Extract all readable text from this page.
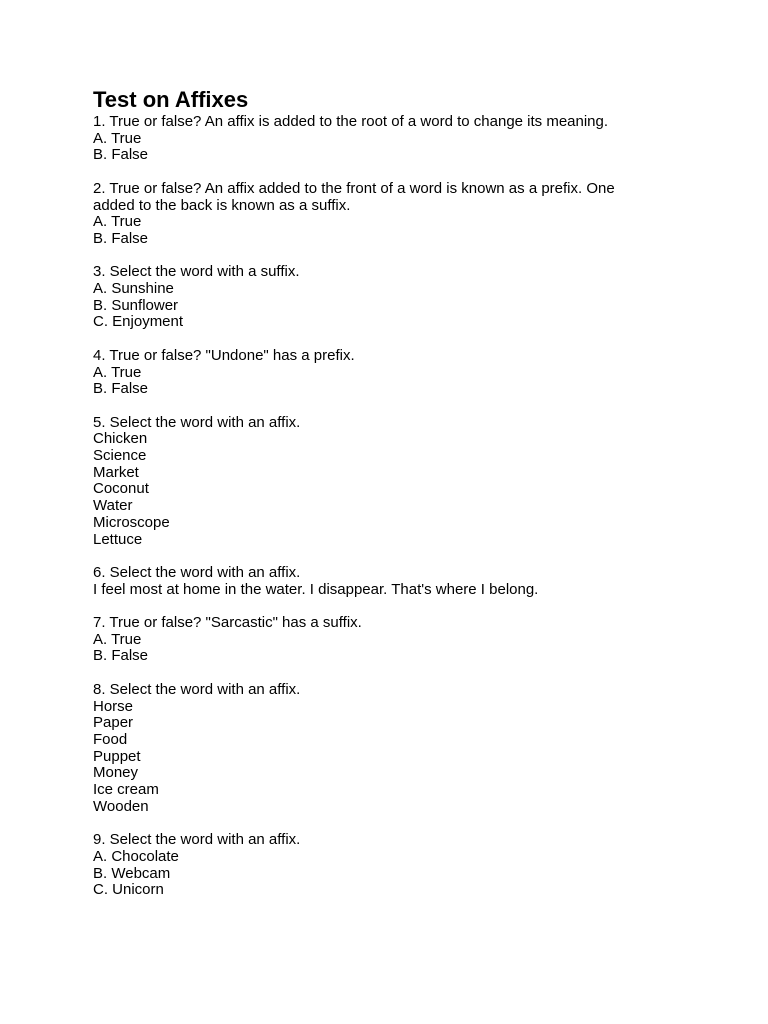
Test on Affixes
1. True or false? An affix is added to the root of a word to change its meaning.
A. True
B. False
2. True or false? An affix added to the front of a word is known as a prefix. One
added to the back is known as a suffix.
A. True
B. False
3. Select the word with a suffix.
A. Sunshine
B. Sunflower
C. Enjoyment
4. True or false? "Undone" has a prefix.
A. True
B. False
5. Select the word with an affix.
Chicken
Science
Market
Coconut
Water
Microscope
Lettuce
6. Select the word with an affix.
I feel most at home in the water. I disappear. That's where I belong.
7. True or false? "Sarcastic" has a suffix.
A. True
B. False
8. Select the word with an affix.
Horse
Paper
Food
Puppet
Money
Ice cream
Wooden
9. Select the word with an affix.
A. Chocolate
B. Webcam
C. Unicorn
